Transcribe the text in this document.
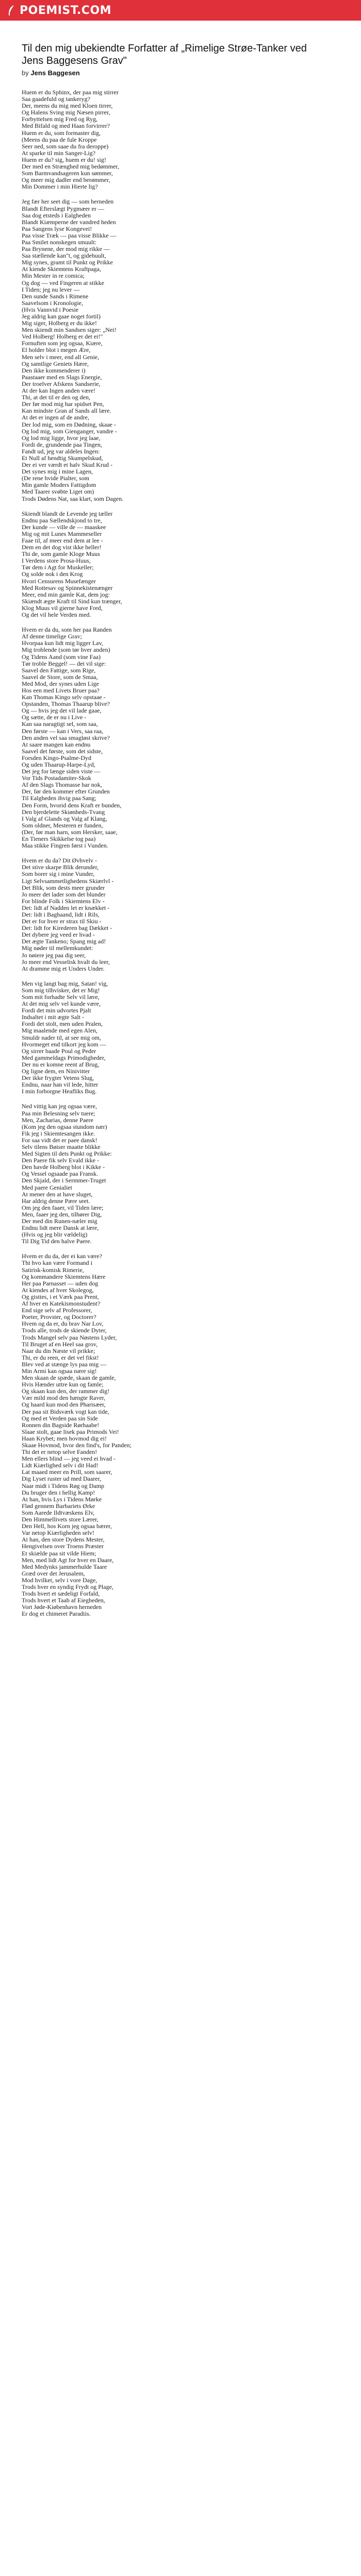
POEMIST.COM
Til den mig ubekiendte Forfatter af „Rimelige Strøe-Tanker ved Jens Baggesens Grav"
by Jens Baggesen

Huem er du Sphinx, der paa mig stirrer
Saa gaadefuld og tankeryg?
Der, meens du mig med Kloen tirrer,
Og Halens Sving mig Næsen pirrer,
Forbyttelsen mig Fred og Ryg,
Med Bifald og med Haan forvirrer?
Huem er du, som formaster dig,
(Meens du paa de fule Kroppe
Seer ned, som saae du fra deroppe)
At sparke til min Sanger-Lig?
Huem er du? sig, huem er du! sig!
Der med en Strænghed mig bedømmer,
Som Barmvandsageren kun sømmer,
Og meer mig dadler end berømmer,
Min Dommer i min Hierte lig?

Jeg fær her seet dig — som herneden
Blandt Efterslægt Pygmæer er —
Saa dog etsteds i Ealgheden
Blandt Kiæmperne der vandred heden
Paa Sangens lyse Kongevei!
Paa visse Træk — paa visse Blikke —
Paa Smilet nonskegen smuult:
Paa Brynene, der mod mig rikke —
Saa stællende kan"t, og gidehuult,
Mig synes, gramt til Punkt og Prikke
At kiende Skiemtens Kraftpaga,
Min Mester in re comica;
Og dog — ved Fingeren at stikke
I Tiden; jeg nu lever —
Den sunde Sands i Rimene
Saavelsom i Kronologie,
(Hvis Vannvid i Poesie
Jeg aldrig kan gaae noget fortil)
Mig siger, Holberg er du ikke!
Men skiendt min Sandsen siger: „Nei!
Ved Holberg! Holberg er det ei!"
Fornuften som jeg ogsaa, Kiære,
El holder blot i megen Ære,
Men selv i meer, end all Genie,
Og samtlige Geniets Hære,
Den ikke kommenderer i)
Paastaaer med en Slags Energie,
Der troelver Afskens Sandserie,
At der kan Ingen anden være!
Thi, at det til er den og den,
Der før mod mig har spidset Pen,
Kan mindste Gran af Sands all lære.
At det er ingen af de andre,
Der lod mig, som en Dødning, skaaе -
Og lod mig, som Gienganger, vandre -
Og lod mig ligge, hvor jeg laae,
Fordi de, grundende paa Tingen,
Fandt ud, jeg var aldeles Ingen:
Et Null af hendtig Skumpelskud,
Der ei ver værdt et halv Skud Krud -
Det synes mig i mine Lagen,
(De rene hvide Pialter, som
Min gamle Moders Fattigdom
Med Taarer svøbte Liget om)
Trods Dødens Nat, saa klart, som Dagen.

Skiendt blandt de Levende jeg tæller
Endnu paa Sællendskjond to tre,
Der kunde — ville de — maaskee
Mig og mit Lunes Mammeseller
Faae til, af meer end dem at lee -
Dem en det dog vist ikke heller!
Thi de, som gamle Kloge Muus
I Verdens store Prosa-Huus,
Tør dem i Agt for Muskeller;
Og solde nok i den Krog
Hvori Censurens Musefænger
Med Rottesav og Spinnekistenænger
Meer, end min gamle Kat, dem jog:
Skiændt ægte Kraft til Sind kun trænger,
Klog Muus vil gierne have Fred,
Og det vil hele Verden med.

Hvem er da du, som her paa Randen
Af denne timelige Grav;
Hvorpaa kun lidt mig ligger Lav,
Mig troblende (som tør hver anden)
Og Tidens Aand (som vine Faa)
Tør troble Beggel! — det vil sige:
Saavel den Fattige, som Rige,
Saavel de Store, som de Smaa,
Med Mod, der synes uden Lige
Hos een med Livets Bruer paa?
Kan Thomas Kingo selv opstaae -
Opstanden, Thomas Thaarup blive?
Og — hvis jeg det vil lade gaae,
Og sætte, de er nu i Live -
Kan saa naragtigt sel, som saa,
Den første — kan i Vers, saa raa,
Den anden vel saa smagløst skrive?
At saare mangen kan endnu
Saavel det første, som det sidste,
Forsden Kingo-Psalme-Dyd
Og uden Thaarup-Harpe-Lyd,
Det jeg for længe siden viste —
Vor Tids Postadamiter-Skok
Af den Slags Thomasse har nok,
Der, før den kommer efter Grunden
Til Ealgheden ihvig paa Sang;
Den Form, hvorid dens Kraft er bunden,
Den bjerdelette Skiønheds-Tvang
I Valg af Glands og Valg af Klang,
Som oldner, Mesteren er funden,
(Der, før man harn, som Hersker, saae,
En Tieners Skikkelse tog paa)
Maa stikke Fingren først i Vunden.

Hvem er du da? Dit Øvhvelv -
Det stive skarpe Blik derunder,
Som borer sig i mine Vunder,
Ligt Selvsammetlighedens Skiærlvl -
Det Blik, som dests meer grunder
Jo meer det lader som det blunder
For blinde Folk i Skiemtens Elv -
Det: lidt af Nadden let er knækket -
Det: lidt i Baghaand, lidt i Rils,
Det er for hver er strax til Skiu -
Det: lidt for Kirederen bag Dækket -
Det dybere jeg veed er hvad -
Det ægte Tankeno; Spang mig ad!
Mig nøder til mellemkundet:
Jo nøiere jeg paa dig seer,
Jo meer end Vesselisk hvalt du leer,
At dramme mig et Unders Under.

Men vig langt bag mig, Satan! vig,
Som mig tilhvisker, det er Mig!
Som mit forhadte Selv vil lære,
At det mig selv vel kunde være,
Fordi det min udvortes Pjalt
Indsaltet i mit ægte Salt -
Fordi det stolt, men uden Pralen,
Mig maalende med egen Alen,
Smuldr nader til, at see mig om,
Hvormeget end tilkort jeg kom —
Og sirrer baade Poul og Peder
Med gammeldags Primodigheder,
Der nu er komne reent af Brug,
Og ligne dem, en Ninivitter
Der ikke frygter Vetens Slug,
Endnu, naar han vil lede, hitter
I min forborgne Heafliks Bug.

Ned vittig kan jeg ogsaa være,
Paa min Belesning selv tuere;
Men, Zacharias, denne Paere
(Kom jeg den ogsaa stundom nær)
Fik jeg i Skiemtesangen ikke.
For saa vidt det er paee dansk!
Selv tilens Bøiser maatte blikke
Med Sigten til dets Punkt og Prikke:
Den Paere fik selv Evald ikke -
Den havde Holberg blot i Kikke -
Og Vessel ogsaade paa Fransk.
Den Skjald, der i Sermmer-Truget
Med paere Genialiet
At mener den at have sluget,
Har aldrig denne Pære seet.
Om jeg den faaer, vil Tiden lære;
Men, faaer jeg den, tilhører Dig,
Der med din Runen-næler mig
Endnu lidt mere Dansk at lære,
(Hvis og jeg blir vældelig)
Til Dig Tid den halve Paere.

Hvem er du da, der ei kan være?
Thi hvo kan være Formand i
Satirisk-komisk Rimerie,
Og kommandere Skiemtens Hære
Her paa Parnasset — uden dog
At kiendes af hver Skolegog,
Og gisttes, i et Værk paa Prent,
Af hver en Katekismonstudent?
End sige selv af Professorer,
Poeter, Provster, og Doctorer?
Hvem og da er, du brav Nar Lov,
Trods alle, trods de skiende Dyter,
Trods Mangel selv paa Nøstens Lyder,
Til Bruget af en Heel saa grov,
Naar du din Næste vil prikke;
Thi, er du reen, er det vel fikst!
Blev ved at stænge lys paa mig —
Min Armi kan ogsaa nære sig!
Men skaan de spæde, skaan de gamle,
Hvis Hænder uttre kun og famle;
Og skaan kun den, der rammer dig!
Vær mild mod den hængte Raver,
Og haard kun mod den Pharisæer,
Der paa sit Bidsværk vogt kan tide,
Og med et Verden paa sin Side
Ronnen din Bagside Rørhaabe!
Slaae stolt, gaae lisek paa Primods Vei!
Haan Krybet; men hovmod dig ei!
Skaae Hovmod, hvor den find's, for Panden;
Thi det er netop selve Fanden!
Men ellers blind — jeg veed ei hvad -
Lidt Kiærlighed selv i dit Had!
Lat maaed meer en Prill, som saarer,
Dig Lyset ruster ud med Daarer,
Naar midt i Tidens Røg og Damp
Du bruger den i hellig Kamp!
At han, hvis Lys i Tidens Mørke
Flød gennem Barbariets Ørke
Som Aarede Ildtvæskens Elv,
Den Himmellivets store Lærer,
Den Hell, hos Korn jeg ogsaa bærer,
Var netop Kiærligheden selv!
At han, den store Dydens Mester,
Hengivelsen over Troens Præster
Et skiælde paa sit vilde Hiem;
Men, med lidt Agt for hver en Daare,
Med Medynks jammerhulde Taare
Græd over det Jerusalem,
Mod hvilket, selv i vore Dage,
Trods hver en syndig Frydt og Plage,
Trods hvert et sædeligt Forfald,
Trods hvert et Taab af Eiegheden,
Vort Jøde-Kiøbenhavn herneden
Er dog et chimeret Paradiis.
